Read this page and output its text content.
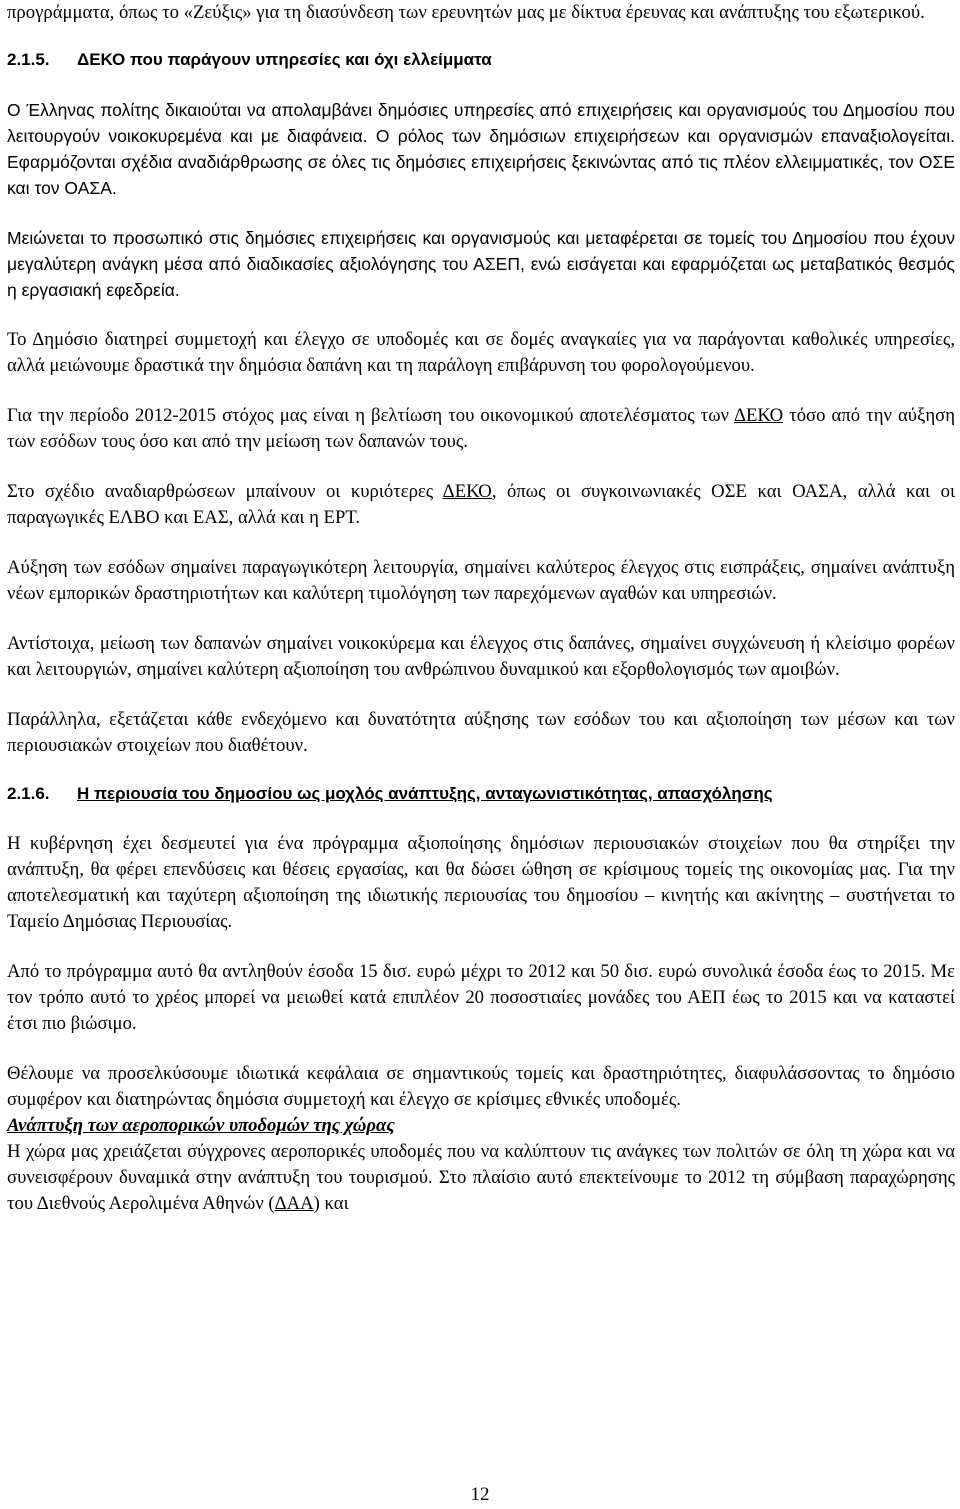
προγράμματα, όπως το «Ζεύξις» για τη διασύνδεση των ερευνητών μας με δίκτυα έρευνας και ανάπτυξης του εξωτερικού.

2.1.5.	ΔΕΚΟ που παράγουν υπηρεσίες και όχι ελλείμματα

Ο Έλληνας πολίτης δικαιούται να απολαμβάνει δημόσιες υπηρεσίες από επιχειρήσεις και οργανισμούς του Δημοσίου που λειτουργούν νοικοκυρεμένα και με διαφάνεια. Ο ρόλος των δημόσιων επιχειρήσεων και οργανισμών επαναξιολογείται. Εφαρμόζονται σχέδια αναδιάρθρωσης σε όλες τις δημόσιες επιχειρήσεις ξεκινώντας από τις πλέον ελλειμματικές, τον ΟΣΕ και τον ΟΑΣΑ.

Μειώνεται το προσωπικό στις δημόσιες επιχειρήσεις και οργανισμούς και μεταφέρεται σε τομείς του Δημοσίου που έχουν μεγαλύτερη ανάγκη μέσα από διαδικασίες αξιολόγησης του ΑΣΕΠ, ενώ εισάγεται και εφαρμόζεται ως μεταβατικός θεσμός η εργασιακή εφεδρεία.

Το Δημόσιο διατηρεί συμμετοχή και έλεγχο σε υποδομές και σε δομές αναγκαίες για να παράγονται καθολικές υπηρεσίες, αλλά μειώνουμε δραστικά την δημόσια δαπάνη και τη παράλογη επιβάρυνση του φορολογούμενου.

Για την περίοδο 2012-2015 στόχος μας είναι η βελτίωση του οικονομικού αποτελέσματος των ΔΕΚΟ τόσο από την αύξηση των εσόδων τους όσο και από την μείωση των δαπανών τους.

Στο σχέδιο αναδιαρθρώσεων μπαίνουν οι κυριότερες ΔΕΚΟ, όπως οι συγκοινωνιακές ΟΣΕ και ΟΑΣΑ, αλλά και οι παραγωγικές ΕΛΒΟ και ΕΑΣ, αλλά και η ΕΡΤ.

Αύξηση των εσόδων σημαίνει παραγωγικότερη λειτουργία, σημαίνει καλύτερος έλεγχος στις εισπράξεις, σημαίνει ανάπτυξη νέων εμπορικών δραστηριοτήτων και καλύτερη τιμολόγηση των παρεχόμενων αγαθών και υπηρεσιών.

Αντίστοιχα, μείωση των δαπανών σημαίνει νοικοκύρεμα και έλεγχος στις δαπάνες, σημαίνει συγχώνευση ή κλείσιμο φορέων και λειτουργιών, σημαίνει καλύτερη αξιοποίηση του ανθρώπινου δυναμικού και εξορθολογισμός των αμοιβών.

Παράλληλα, εξετάζεται κάθε ενδεχόμενο και δυνατότητα αύξησης των εσόδων του και αξιοποίηση των μέσων και των περιουσιακών στοιχείων που διαθέτουν.

2.1.6.	Η περιουσία του δημοσίου ως μοχλός ανάπτυξης, ανταγωνιστικότητας, απασχόλησης

Η κυβέρνηση έχει δεσμευτεί για ένα πρόγραμμα αξιοποίησης δημόσιων περιουσιακών στοιχείων που θα στηρίξει την ανάπτυξη, θα φέρει επενδύσεις και θέσεις εργασίας, και θα δώσει ώθηση σε κρίσιμους τομείς της οικονομίας μας. Για την αποτελεσματική και ταχύτερη αξιοποίηση της ιδιωτικής περιουσίας του δημοσίου – κινητής και ακίνητης – συστήνεται το Ταμείο Δημόσιας Περιουσίας.

Από το πρόγραμμα αυτό θα αντληθούν έσοδα 15 δισ. ευρώ μέχρι το 2012 και 50 δισ. ευρώ συνολικά έσοδα έως το 2015. Με τον τρόπο αυτό το χρέος μπορεί να μειωθεί κατά επιπλέον 20 ποσοστιαίες μονάδες του ΑΕΠ έως το 2015 και να καταστεί έτσι πιο βιώσιμο.

Θέλουμε να προσελκύσουμε ιδιωτικά κεφάλαια σε σημαντικούς τομείς και δραστηριότητες, διαφυλάσσοντας το δημόσιο συμφέρον και διατηρώντας δημόσια συμμετοχή και έλεγχο σε κρίσιμες εθνικές υποδομές.

Ανάπτυξη των αεροπορικών υποδομών της χώρας

Η χώρα μας χρειάζεται σύγχρονες αεροπορικές υποδομές που να καλύπτουν τις ανάγκες των πολιτών σε όλη τη χώρα και να συνεισφέρουν δυναμικά στην ανάπτυξη του τουρισμού. Στο πλαίσιο αυτό επεκτείνουμε το 2012 τη σύμβαση παραχώρησης του Διεθνούς Αερολιμένα Αθηνών (ΔΑΑ) και

12
